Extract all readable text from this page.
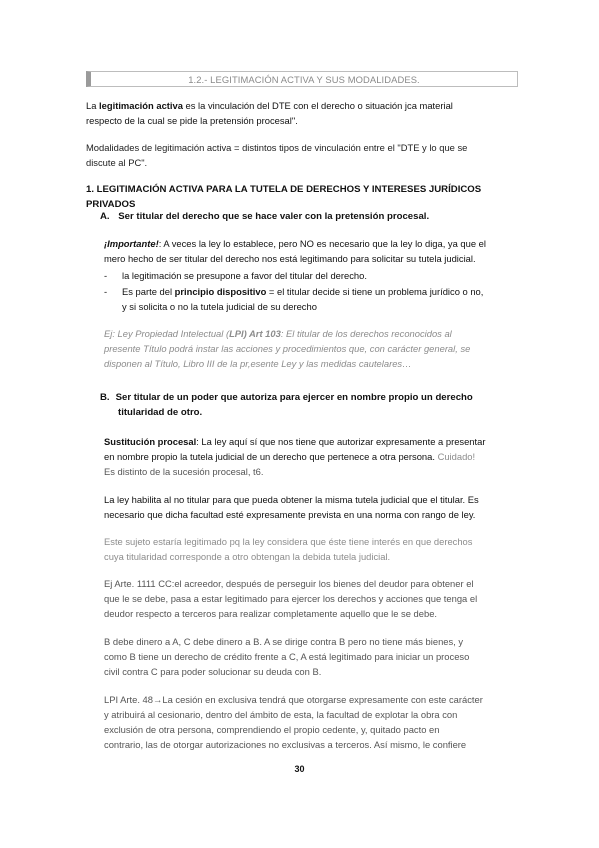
1.2.- LEGITIMACIÓN ACTIVA Y SUS MODALIDADES.
La legitimación activa es la vinculación del DTE con el derecho o situación jca material
respecto de la cual se pide la pretensión procesal".
Modalidades de legitimación activa = distintos tipos de vinculación entre el "DTE y lo que se
discute al PC".
1. LEGITIMACIÓN ACTIVA PARA LA TUTELA DE DERECHOS Y INTERESES JURÍDICOS PRIVADOS
A. Ser titular del derecho que se hace valer con la pretensión procesal.
¡Importante!: A veces la ley lo establece, pero NO es necesario que la ley lo diga, ya que el
mero hecho de ser titular del derecho nos está legitimando para solicitar su tutela judicial.
- la legitimación se presupone a favor del titular del derecho.
- Es parte del principio dispositivo = el titular decide si tiene un problema jurídico o no,
y si solicita o no la tutela judicial de su derecho
Ej: Ley Propiedad Intelectual (LPI) Art 103: El titular de los derechos reconocidos al
presente Título podrá instar las acciones y procedimientos que, con carácter general, se
disponen al Título, Libro III de la pr,esente Ley y las medidas cautelares…
B. Ser titular de un poder que autoriza para ejercer en nombre propio un derecho
titularidad de otro.
Sustitución procesal: La ley aquí sí que nos tiene que autorizar expresamente a presentar
en nombre propio la tutela judicial de un derecho que pertenece a otra persona. Cuidado!
Es distinto de la sucesión procesal, t6.
La ley habilita al no titular para que pueda obtener la misma tutela judicial que el titular. Es
necesario que dicha facultad esté expresamente prevista en una norma con rango de ley.
Este sujeto estaría legitimado pq la ley considera que éste tiene interés en que derechos
cuya titularidad corresponde a otro obtengan la debida tutela judicial.
Ej Arte. 1111 CC:el acreedor, después de perseguir los bienes del deudor para obtener el
que le se debe, pasa a estar legitimado para ejercer los derechos y acciones que tenga el
deudor respecto a terceros para realizar completamente aquello que le se debe.
B debe dinero a A, C debe dinero a B. A se dirige contra B pero no tiene más bienes, y
como B tiene un derecho de crédito frente a C, A está legitimado para iniciar un proceso
civil contra C para poder solucionar su deuda con B.
LPI Arte. 48→La cesión en exclusiva tendrá que otorgarse expresamente con este carácter
y atribuirá al cesionario, dentro del ámbito de esta, la facultad de explotar la obra con
exclusión de otra persona, comprendiendo el propio cedente, y, quitado pacto en
contrario, las de otorgar autorizaciones no exclusivas a terceros. Así mismo, le confiere
30
